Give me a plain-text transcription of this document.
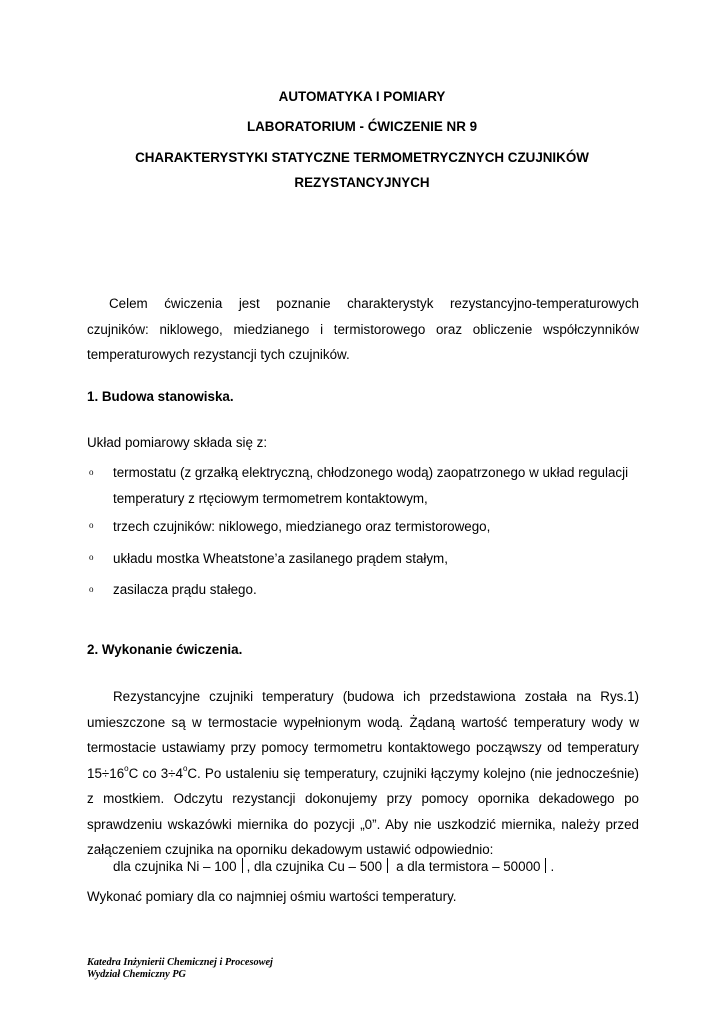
AUTOMATYKA I POMIARY
LABORATORIUM - ĆWICZENIE NR 9
CHARAKTERYSTYKI STATYCZNE TERMOMETRYCZNYCH CZUJNIKÓW
REZYSTANCYJNYCH
Celem ćwiczenia jest poznanie charakterystyk rezystancyjno-temperaturowych czujników: niklowego, miedzianego i termistorowego oraz obliczenie współczynników temperaturowych rezystancji tych czujników.
1. Budowa stanowiska.
Układ pomiarowy składa się z:
o termostatu (z grzałką elektryczną, chłodzonego wodą) zaopatrzonego w układ regulacji temperatury z rtęciowym termometrem kontaktowym,
o trzech czujników: niklowego, miedzianego oraz termistorowego,
o układu mostka Wheatstone’a zasilanego prądem stałym,
o zasilacza prądu stałego.
2. Wykonanie ćwiczenia.
Rezystancyjne czujniki temperatury (budowa ich przedstawiona została na Rys.1) umieszczone są w termostacie wypełnionym wodą. Żądaną wartość temperatury wody w termostacie ustawiamy przy pomocy termometru kontaktowego począwszy od temperatury $15\div 16^oC$ co $3\div 4^oC$. Po ustaleniu się temperatury, czujniki łączymy kolejno (nie jednocześnie) z mostkiem. Odczytu rezystancji dokonujemy przy pomocy opornika dekadowego po sprawdzeniu wskazówki miernika do pozycji „0”. Aby nie uszkodzić miernika, należy przed załączeniem czujnika na oporniku dekadowym ustawić odpowiednio:
dla czujnika Ni – 100 , dla czujnika Cu – 500 a dla termistora – 50000 .
Wykonać pomiary dla co najmniej ośmiu wartości temperatury.
Katedra Inżynierii Chemicznej i Procesowej
Wydział Chemiczny PG
